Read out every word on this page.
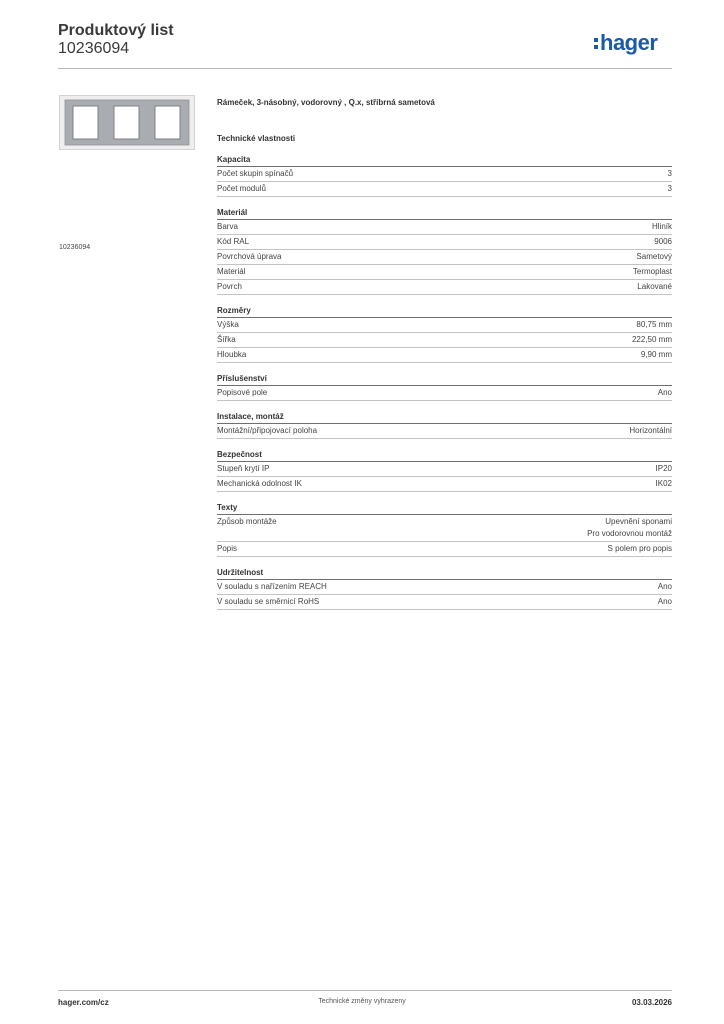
Produktový list
10236094	hager
10236094
Rámeček, 3-násobný, vodorovný , Q.x, stříbrná sametová
Technické vlastnosti
Kapacita
Počet skupin spínačů	3
Počet modulů	3
Materiál
Barva	Hliník
Kód RAL	9006
Povrchová úprava	Sametový
Materiál	Termoplast
Povrch	Lakované
Rozměry
Výška	80,75 mm
Šířka	222,50 mm
Hloubka	9,90 mm
Příslušenství
Popisové pole	Ano
Instalace, montáž
Montážní/připojovací poloha	Horizontální
Bezpečnost
Stupeň krytí IP	IP20
Mechanická odolnost IK	IK02
Texty
Způsob montáže	Upevnění sponami
Pro vodorovnou montáž
Popis	S polem pro popis
Udržitelnost
V souladu s nařízením REACH	Ano
V souladu se směrnicí RoHS	Ano
hager.com/cz	Technické změny vyhrazeny	03.03.2026
